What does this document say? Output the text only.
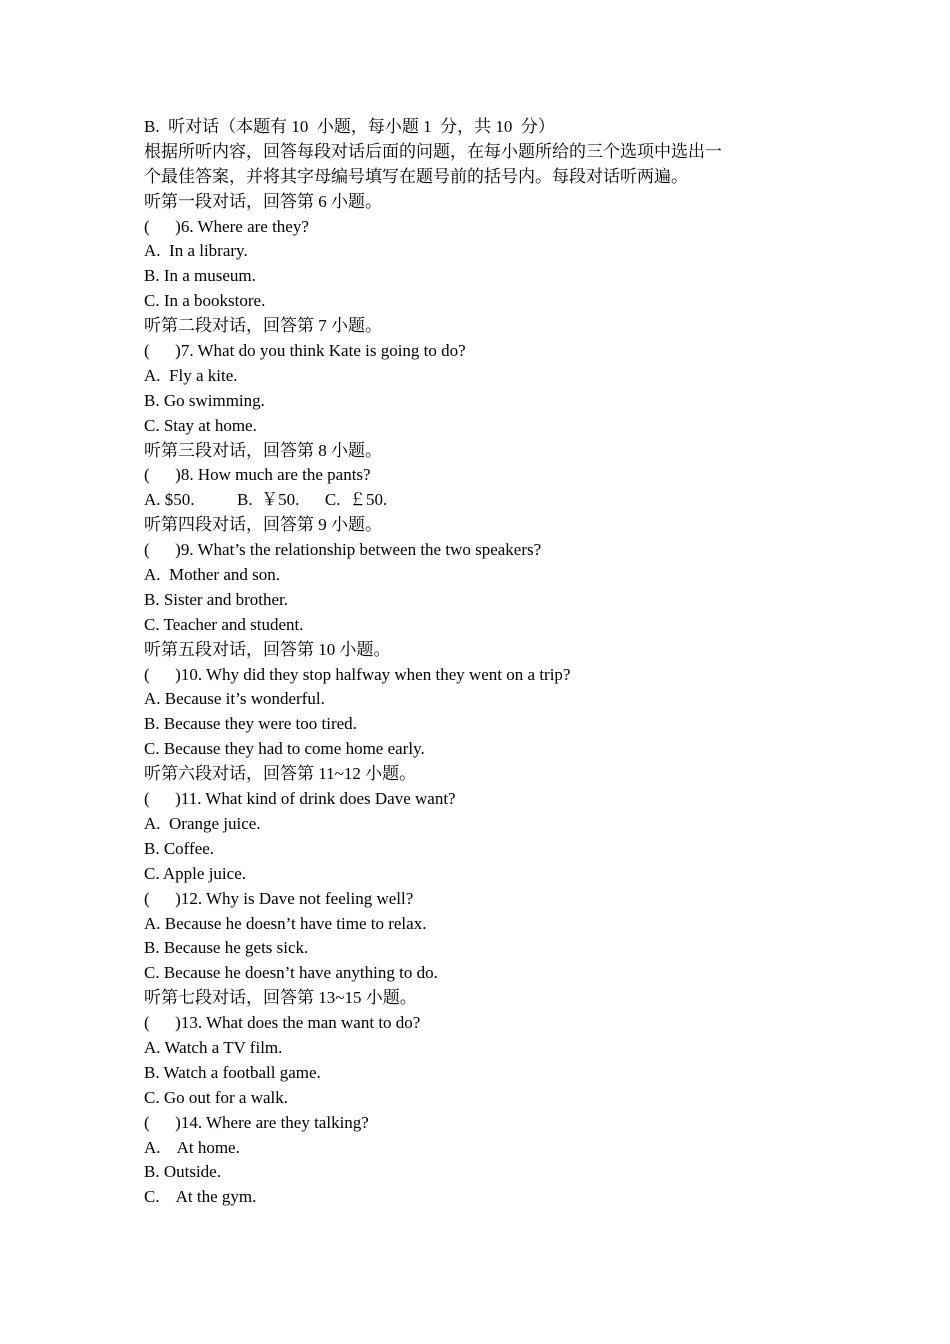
B.  听对话（本题有 10  小题，每小题 1  分，共 10  分）

根据所听内容，回答每段对话后面的问题，在每小题所给的三个选项中选出一

个最佳答案，并将其字母编号填写在题号前的括号内。每段对话听两遍。

听第一段对话，回答第 6 小题。

(      )6. Where are they?

A.  In a library.

B. In a museum.

C. In a bookstore.

听第二段对话，回答第 7 小题。

(      )7. What do you think Kate is going to do?

A.  Fly a kite.

B. Go swimming.

C. Stay at home.

听第三段对话，回答第 8 小题。

(      )8. How much are the pants?

A. $50.          B.  ￥50.      C.  ￡50.

听第四段对话，回答第 9 小题。

(      )9. What’s the relationship between the two speakers?

A.  Mother and son.

B. Sister and brother.

C. Teacher and student.

听第五段对话，回答第 10 小题。

(      )10. Why did they stop halfway when they went on a trip?

A. Because it’s wonderful.

B. Because they were too tired.

C. Because they had to come home early.

听第六段对话，回答第 11~12 小题。

(      )11. What kind of drink does Dave want?

A.  Orange juice.

B. Coffee.

C. Apple juice.

(      )12. Why is Dave not feeling well?

A. Because he doesn’t have time to relax.

B. Because he gets sick.

C. Because he doesn’t have anything to do.

听第七段对话，回答第 13~15 小题。

(      )13. What does the man want to do?

A. Watch a TV film.

B. Watch a football game.

C. Go out for a walk.

(      )14. Where are they talking?

A.    At home.

B. Outside.

C.    At the gym.
